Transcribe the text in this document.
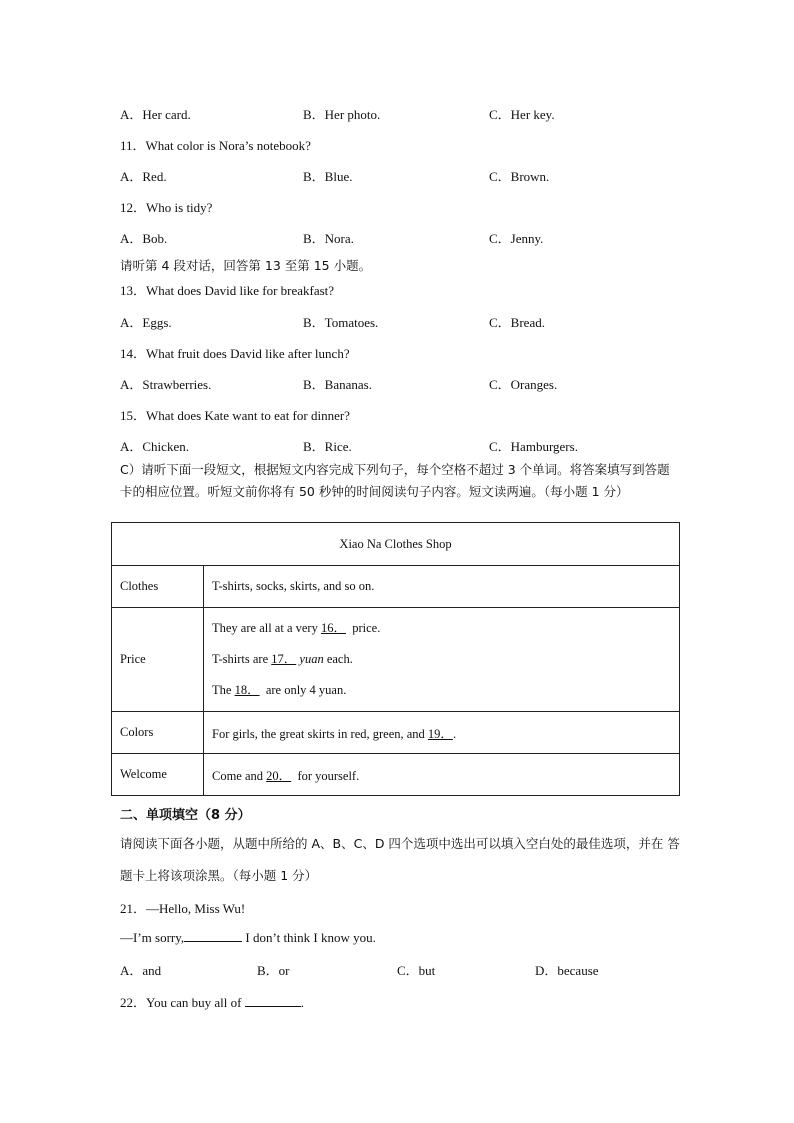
A．Her card.	B．Her photo.	C．Her key.
11．What color is Nora’s notebook?
A．Red.	B．Blue.	C．Brown.
12．Who is tidy?
A．Bob.	B．Nora.	C．Jenny.
请听第 4 段对话，回答第 13 至第 15 小题。
13．What does David like for breakfast?
A．Eggs.	B．Tomatoes.	C．Bread.
14．What fruit does David like after lunch?
A．Strawberries.	B．Bananas.	C．Oranges.
15．What does Kate want to eat for dinner?
A．Chicken.	B．Rice.	C．Hamburgers.
C）请听下面一段短文，根据短文内容完成下列句子，每个空格不超过 3 个单词。将答案填写到答题 卡的相应位置。听短文前你将有 50 秒钟的时间阅读句子内容。短文读两遍。（每小题 1 分）
Xiao Na Clothes Shop	
Clothes	T-shirts, socks, skirts, and so on.
Price	They are all at a very 16． price.
T-shirts are 17． yuan each.
The 18． are only 4 yuan.

Colors	For girls, the great skirts in red, green, and 19．.
Welcome	Come and 20． for yourself.
二、单项填空（8 分）
请阅读下面各小题，从题中所给的 A、B、C、D 四个选项中选出可以填入空白处的最佳选项，并在 答题卡上将该项涂黑。（每小题 1 分）
21．—Hello, Miss Wu!
—I’m sorry,	I don’t think I know you.
A．and	B．or	C．but	D．because
22．You can buy all of	.
